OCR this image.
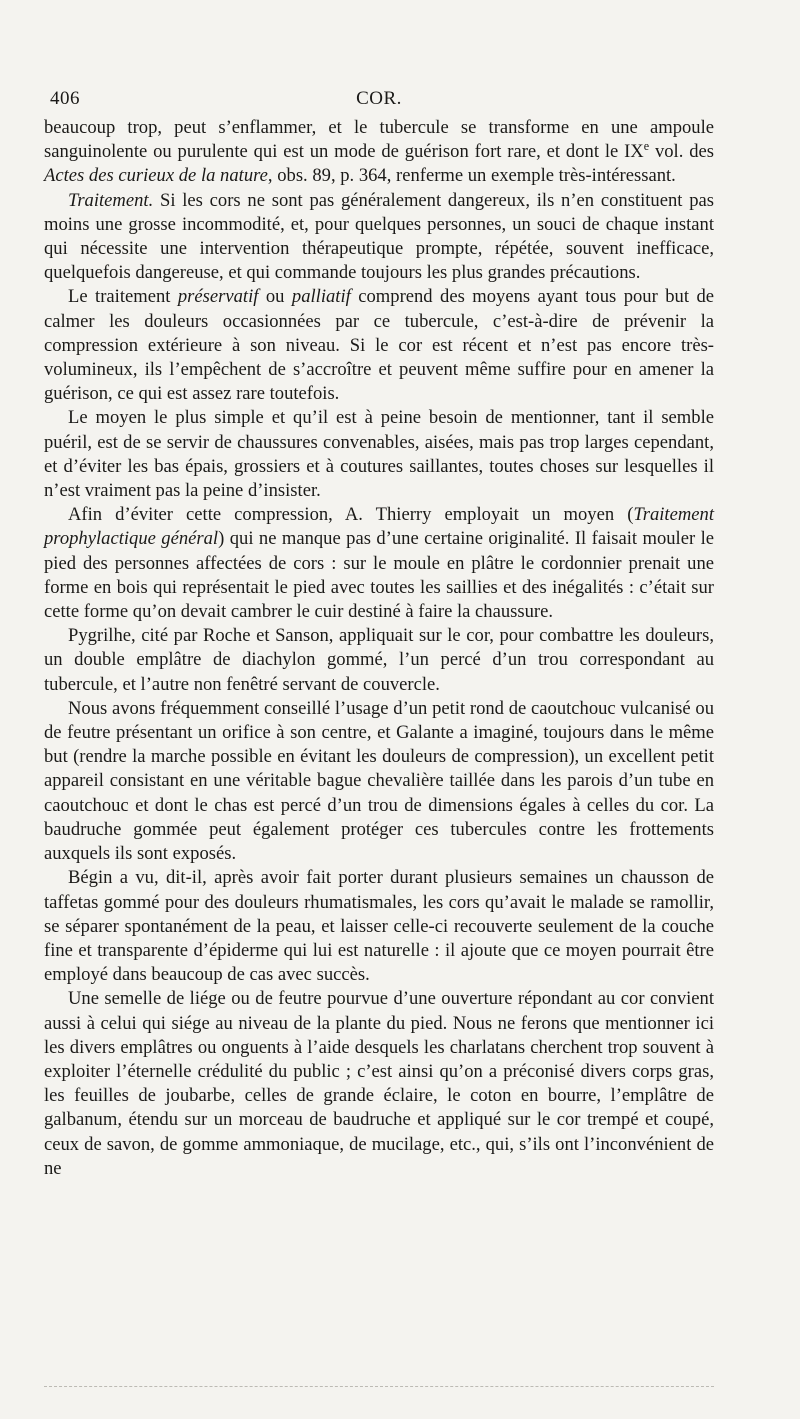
406	COR.

beaucoup trop, peut s’enflammer, et le tubercule se transforme en une ampoule sanguinolente ou purulente qui est un mode de guérison fort rare, et dont le IXe vol. des Actes des curieux de la nature, obs. 89, p. 364, renferme un exemple très-intéressant.

Traitement. Si les cors ne sont pas généralement dangereux, ils n’en constituent pas moins une grosse incommodité, et, pour quelques personnes, un souci de chaque instant qui nécessite une intervention thérapeutique prompte, répétée, souvent inefficace, quelquefois dangereuse, et qui commande toujours les plus grandes précautions.

Le traitement préservatif ou palliatif comprend des moyens ayant tous pour but de calmer les douleurs occasionnées par ce tubercule, c’est-à-dire de prévenir la compression extérieure à son niveau. Si le cor est récent et n’est pas encore très-volumineux, ils l’empêchent de s’accroître et peuvent même suffire pour en amener la guérison, ce qui est assez rare toutefois.

Le moyen le plus simple et qu’il est à peine besoin de mentionner, tant il semble puéril, est de se servir de chaussures convenables, aisées, mais pas trop larges cependant, et d’éviter les bas épais, grossiers et à coutures saillantes, toutes choses sur lesquelles il n’est vraiment pas la peine d’insister.

Afin d’éviter cette compression, A. Thierry employait un moyen (Traitement prophylactique général) qui ne manque pas d’une certaine originalité. Il faisait mouler le pied des personnes affectées de cors : sur le moule en plâtre le cordonnier prenait une forme en bois qui représentait le pied avec toutes les saillies et des inégalités : c’était sur cette forme qu’on devait cambrer le cuir destiné à faire la chaussure.

Pygrilhe, cité par Roche et Sanson, appliquait sur le cor, pour combattre les douleurs, un double emplâtre de diachylon gommé, l’un percé d’un trou correspondant au tubercule, et l’autre non fenêtré servant de couvercle.

Nous avons fréquemment conseillé l’usage d’un petit rond de caoutchouc vulcanisé ou de feutre présentant un orifice à son centre, et Galante a imaginé, toujours dans le même but (rendre la marche possible en évitant les douleurs de compression), un excellent petit appareil consistant en une véritable bague chevalière taillée dans les parois d’un tube en caoutchouc et dont le chas est percé d’un trou de dimensions égales à celles du cor. La baudruche gommée peut également protéger ces tubercules contre les frottements auxquels ils sont exposés.

Bégin a vu, dit-il, après avoir fait porter durant plusieurs semaines un chausson de taffetas gommé pour des douleurs rhumatismales, les cors qu’avait le malade se ramollir, se séparer spontanément de la peau, et laisser celle-ci recouverte seulement de la couche fine et transparente d’épiderme qui lui est naturelle : il ajoute que ce moyen pourrait être employé dans beaucoup de cas avec succès.

Une semelle de liége ou de feutre pourvue d’une ouverture répondant au cor convient aussi à celui qui siége au niveau de la plante du pied. Nous ne ferons que mentionner ici les divers emplâtres ou onguents à l’aide desquels les charlatans cherchent trop souvent à exploiter l’éternelle crédulité du public ; c’est ainsi qu’on a préconisé divers corps gras, les feuilles de joubarbe, celles de grande éclaire, le coton en bourre, l’emplâtre de galbanum, étendu sur un morceau de baudruche et appliqué sur le cor trempé et coupé, ceux de savon, de gomme ammoniaque, de mucilage, etc., qui, s’ils ont l’inconvénient de ne
